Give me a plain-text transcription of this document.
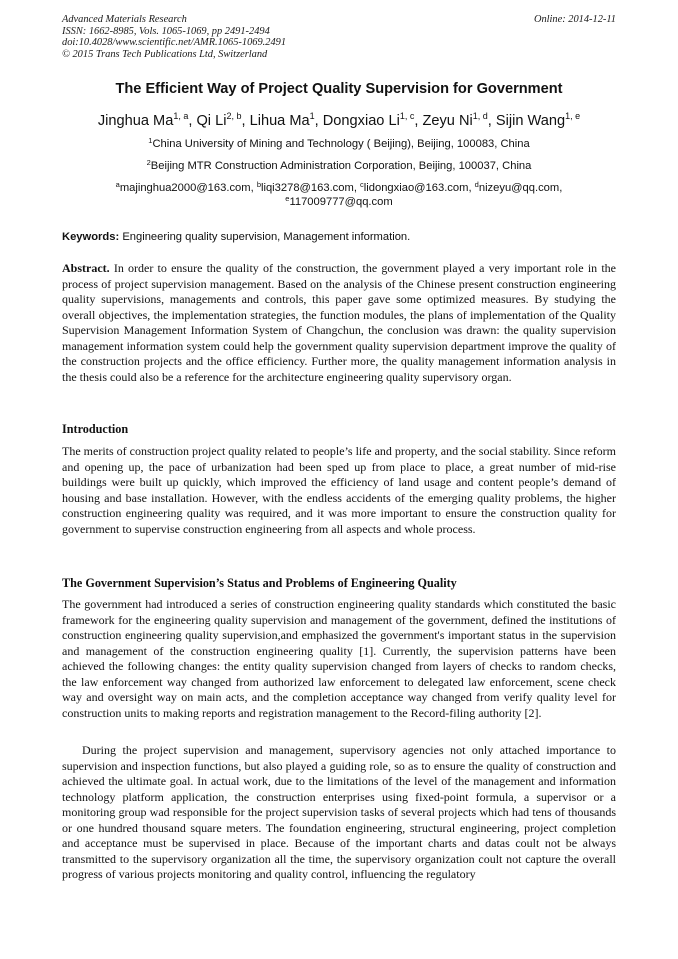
Advanced Materials Research
ISSN: 1662-8985, Vols. 1065-1069, pp 2491-2494
doi:10.4028/www.scientific.net/AMR.1065-1069.2491
© 2015 Trans Tech Publications Ltd, Switzerland
Online: 2014-12-11
The Efficient Way of Project Quality Supervision for Government
Jinghua Ma$^{1, a}$, Qi Li$^{2, b}$, Lihua Ma$^1$, Dongxiao Li$^{1, c}$, Zeyu Ni$^{1, d}$, Sijin Wang$^{1, e}$
$^1$China University of Mining and Technology ( Beijing), Beijing, 100083, China
$^2$Beijing MTR Construction Administration Corporation, Beijing, 100037, China
$^a$majinghua2000@163.com, $^b$liqi3278@163.com, $^c$lidongxiao@163.com, $^d$nizeyu@qq.com,
$^e$117009777@qq.com
Keywords: Engineering quality supervision, Management information.
Abstract. In order to ensure the quality of the construction, the government played a very important role in the process of project supervision management. Based on the analysis of the Chinese present construction engineering quality supervisions, managements and controls, this paper gave some optimized measures. By studying the overall objectives, the implementation strategies, the function modules, the plans of implementation of the Quality Supervision Management Information System of Changchun, the conclusion was drawn: the quality supervision management information system could help the government quality supervision department improve the quality of the construction projects and the office efficiency. Further more, the quality management information analysis in the thesis could also be a reference for the architecture engineering quality supervisory organ.
Introduction
The merits of construction project quality related to people’s life and property, and the social stability. Since reform and opening up, the pace of urbanization had been sped up from place to place, a great number of mid-rise buildings were built up quickly, which improved the efficiency of land usage and content people’s demand of housing and base installation. However, with the endless accidents of the emerging quality problems, the higher construction engineering quality was required, and it was more important to ensure the construction quality for government to supervise construction engineering from all aspects and whole process.
The Government Supervision’s Status and Problems of Engineering Quality
The government had introduced a series of construction engineering quality standards which constituted the basic framework for the engineering quality supervision and management of the government, defined the institutions of construction engineering quality supervision,and emphasized the government's important status in the supervision and management of the construction engineering quality [1]. Currently, the supervision patterns have been achieved the following changes: the entity quality supervision changed from layers of checks to random checks, the law enforcement way changed from authorized law enforcement to delegated law enforcement, scene check way and oversight way on main acts, and the completion acceptance way changed from verify quality level for construction units to making reports and registration management to the Record-filing authority [2].
During the project supervision and management, supervisory agencies not only attached importance to supervision and inspection functions, but also played a guiding role, so as to ensure the quality of construction and achieved the ultimate goal. In actual work, due to the limitations of the level of the management and information technology platform application, the construction enterprises using fixed-point formula, a supervisor or a monitoring group wad responsible for the project supervision tasks of several projects which had tens of thousands or one hundred thousand square meters. The foundation engineering, structural engineering, project completion and acceptance must be supervised in place. Because of the important charts and datas coult not be always transmitted to the supervisory organization all the time, the supervisory organization coult not capture the overall progress of various projects monitoring and quality control, influencing the regulatory
